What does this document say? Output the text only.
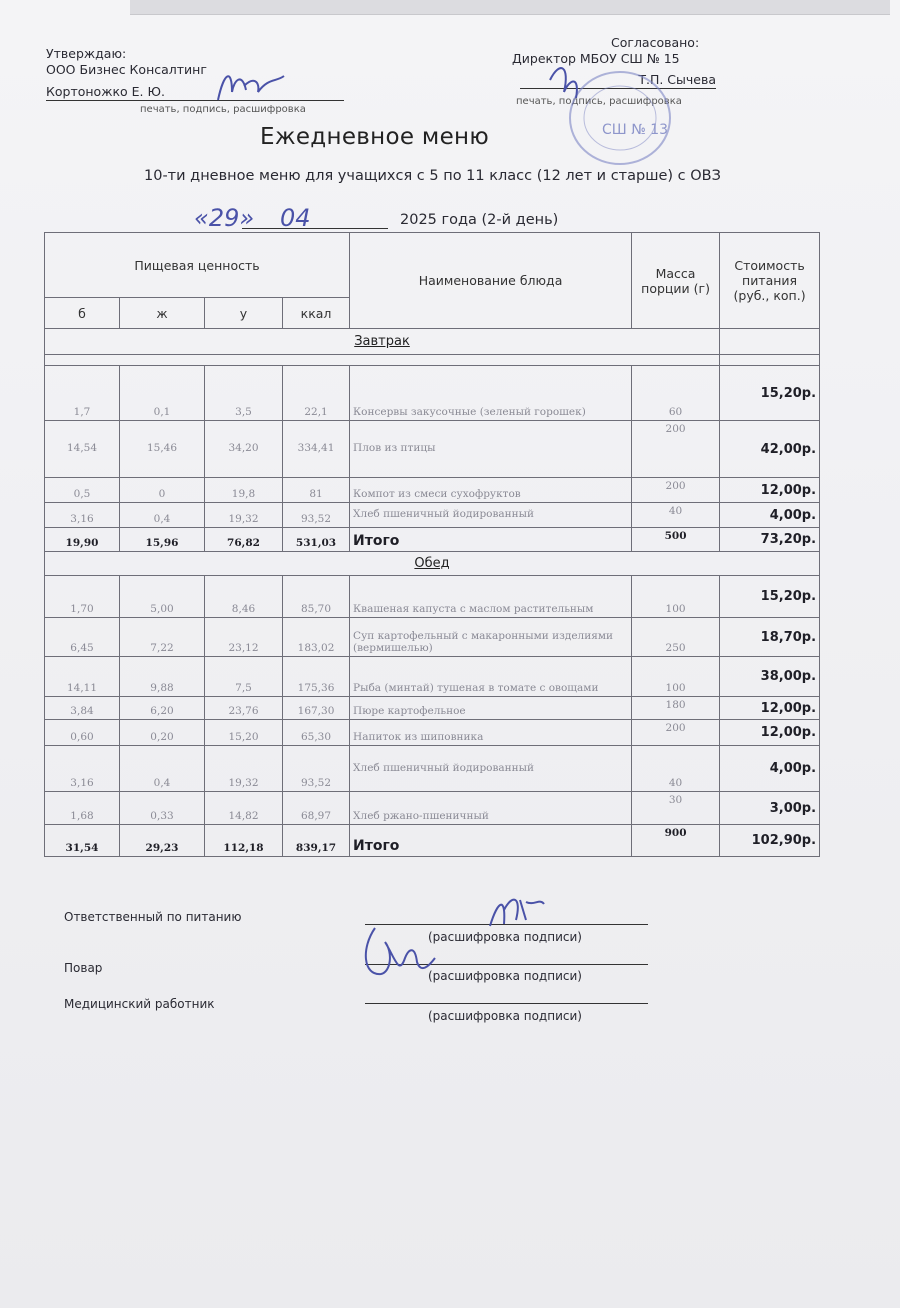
Утверждаю:
ООО Бизнес Консалтинг
Кортоножко Е. Ю.
печать, подпись, расшифровка
Согласовано:
Директор МБОУ СШ № 15
Т.П. Сычева
печать, подпись, расшифровка
СШ № 13
Ежедневное меню
10-ти дневное меню для учащихся с 5 по 11 класс (12 лет и старше) с ОВЗ
«29» 04	2025 года (2-й день)
Пищевая ценность				Наименование блюда	Масса порции (г)	Стоимость питания (руб., коп.)
б	ж	у	ккал			
Завтрак						

1,7	0,1	3,5	22,1	Консервы закусочные (зеленый горошек)	60	15,20р.
14,54	15,46	34,20	334,41	Плов из птицы	200	42,00р.
0,5	0	19,8	81	Компот из смеси сухофруктов	200	12,00р.
3,16	0,4	19,32	93,52	Хлеб пшеничный йодированный	40	4,00р.
19,90	15,96	76,82	531,03	Итого	500	73,20р.
Обед						
1,70	5,00	8,46	85,70	Квашеная капуста с маслом растительным	100	15,20р.
6,45	7,22	23,12	183,02	Суп картофельный с макаронными изделиями (вермишелью)	250	18,70р.
14,11	9,88	7,5	175,36	Рыба (минтай) тушеная в томате с овощами	100	38,00р.
3,84	6,20	23,76	167,30	Пюре картофельное	180	12,00р.
0,60	0,20	15,20	65,30	Напиток из шиповника	200	12,00р.
3,16	0,4	19,32	93,52	Хлеб пшеничный йодированный	40	4,00р.
1,68	0,33	14,82	68,97	Хлеб ржано-пшеничный	30	3,00р.
31,54	29,23	112,18	839,17	Итого	900	102,90р.
Ответственный по питанию
(расшифровка подписи)
Повар
(расшифровка подписи)
Медицинский работник
(расшифровка подписи)
